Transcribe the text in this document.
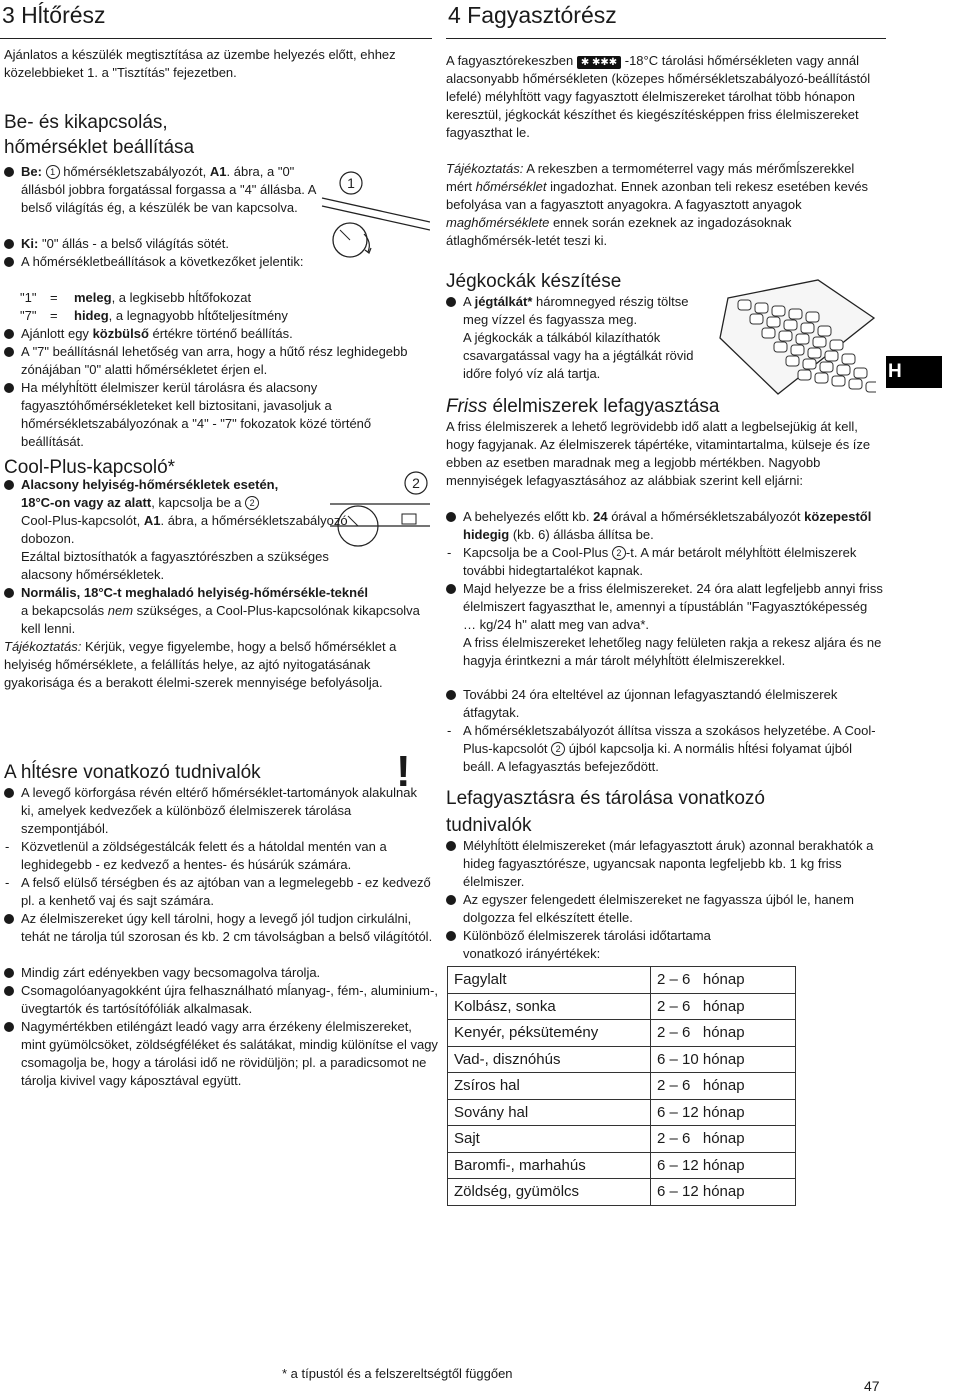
3 Hĺtőrész

Ajánlatos a készülék megtisztítása az üzembe helyezés előtt, ehhez közelebbieket 1. a "Tisztítás" fejezetben.

Be- és kikapcsolás,
hőmérséklet beállítása
1
Be: 1 hőmérsékletszabályozót, A1. ábra, a "0" állásból jobbra forgatással forgassa a "4" állásba. A belső világítás ég, a készülék be van kapcsolva.
Ki: "0" állás - a belső világítás sötét.
A hőmérsékletbeállítások a következőket jelentik:
"1" = meleg, a legkisebb hĺtőfokozat
"7" = hideg, a legnagyobb hĺtőteljesítmény
Ajánlott egy közbülső értékre történő beállítás.
A "7" beállításnál lehetőség van arra, hogy a hűtő rész leghidegebb zónájában "0" alatti hőmérsékletet érjen el.
Ha mélyhĺtött élelmiszer kerül tárolásra és alacsony fagyasztóhőmérsékleteket kell biztositani, javasoljuk a hőmérsékletszabályozónak a "4" - "7" fokozatok közé történő beállítását.
Cool-Plus-kapcsoló*
2
Alacsony helyiség-hőmérsékletek esetén,
18°C-on vagy az alatt, kapcsolja be a 2
Cool-Plus-kapcsolót, A1. ábra, a hőmérsékletszabályozó dobozon.
Ezáltal biztosíthatók a fagyasztórészben a szükséges alacsony hőmérsékletek.
Normális, 18°C-t meghaladó helyiség-hőmérsékle-teknél
a bekapcsolás nem szükséges, a Cool-Plus-kapcsolónak kikapcsolva kell lenni.

Tájékoztatás: Kérjük, vegye figyelembe, hogy a belső hőmérséklet a helyiség hőmérséklete, a felállítás helye, az ajtó nyitogatásának gyakorisága és a berakott élelmi-szerek mennyisége befolyásolja.

A hĺtésre vonatkozó tudnivalók	!
A levegő körforgása révén eltérő hőmérséklet-tartományok alakulnak ki, amelyek kedvezőek a különböző élelmiszerek tárolása szempontjából.
- Közvetlenül a zöldségestálcák felett és a hátoldal mentén van a leghidegebb - ez kedvező a hentes- és húsárúk számára.
- A felső elülső térségben és az ajtóban van a legmelegebb - ez kedvező pl. a kenhető vaj és sajt számára.
Az élelmiszereket úgy kell tárolni, hogy a levegő jól tudjon cirkulálni, tehát ne tárolja túl szorosan és kb. 2 cm távolságban a belső világítótól.
Mindig zárt edényekben vagy becsomagolva tárolja.
Csomagolóanyagokként újra felhasználható mĺanyag-, fém-, aluminium-, üvegtartók és tartósítófóliák alkalmasak.
Nagymértékben etiléngázt leadó vagy arra érzékeny élelmiszereket, mint gyümölcsöket, zöldségféléket és salátákat, mindig különítse el vagy csomagolja be, hogy a tárolási idő ne rövidüljön; pl. a paradicsomot ne tárolja kivivel vagy káposztával együtt.
4 Fagyasztórész

A fagyasztórekeszben ✱ ✱✱✱ -18°C tárolási hőmérsékleten vagy annál alacsonyabb hőmérsékleten (közepes hőmérsékletszabályozó-beállítástól lefelé) mélyhĺtött vagy fagyasztott élelmiszereket tárolhat több hónapon keresztül, jégkockát készíthet és kiegészítésképpen friss élelmiszereket fagyaszthat le.

Tájékoztatás: A rekeszben a termométerrel vagy más mérőmĺszerekkel mért hőmérséklet ingadozhat. Ennek azonban teli rekesz esetében kevés befolyása van a fagyasztott anyagokra. A fagyasztott anyagok maghőmérséklete ennek során ezeknek az ingadozásoknak átlaghőmérsék-letét teszi ki.

Jégkockák készítése
A jégtálkát* háromnegyed részig töltse meg vízzel és fagyassza meg.
A jégkockák a tálkából kilazíthatók csavargatással vagy ha a jégtálkát rövid időre folyó víz alá tartja.
Friss élelmiszerek lefagyasztása

A friss élelmiszerek a lehető legrövidebb idő alatt a legbelsejükig át kell, hogy fagyjanak. Az élelmiszerek tápértéke, vitamintartalma, külseje és íze ebben az esetben maradnak meg a legjobb mértékben. Nagyobb mennyiségek lefagyasztásához az alábbiak szerint kell eljárni:

A behelyezés előtt kb. 24 órával a hőmérsékletszabályozót közepestől hidegig (kb. 6) állásba állítsa be.
- Kapcsolja be a Cool-Plus 2 -t. A már betárolt mélyhĺtött élelmiszerek további hidegtartalékot kapnak.
Majd helyezze be a friss élelmiszereket. 24 óra alatt legfeljebb annyi friss élelmiszert fagyaszthat le, amennyi a típustáblán "Fagyasztóképesség … kg/24 h" alatt meg van adva*.
A friss élelmiszereket lehetőleg nagy felületen rakja a rekesz aljára és ne hagyja érintkezni a már tárolt mélyhĺtött élelmiszerekkel.
További 24 óra elteltével az újonnan lefagyasztandó élelmiszerek átfagytak.
- A hőmérsékletszabályozót állítsa vissza a szokásos helyzetébe. A Cool-Plus-kapcsolót 2 újból kapcsolja ki. A normális hĺtési folyamat újból beáll. A lefagyasztás befejeződött.
Lefagyasztásra és tárolása vonatkozó
tudnivalók
Mélyhĺtött élelmiszereket (már lefagyasztott áruk) azonnal berakhatók a hideg fagyasztórésze, ugyancsak naponta legfeljebb kb. 1 kg friss élelmiszer.
Az egyszer felengedett élelmiszereket ne fagyassza újból le, hanem dolgozza fel elkészített ételle.
Különböző élelmiszerek tárolási időtartama vonatkozó irányértékek:
Fagylalt	2 – 6   hónap
Kolbász, sonka	2 – 6   hónap
Kenyér, péksütemény	2 – 6   hónap
Vad-, disznóhús	6 – 10 hónap
Zsíros hal	2 – 6   hónap
Sovány hal	6 – 12 hónap
Sajt	2 – 6   hónap
Baromfi-, marhahús	6 – 12 hónap
Zöldség, gyümölcs	6 – 12 hónap
H
* a típustól és a felszereltségtől függően
47
